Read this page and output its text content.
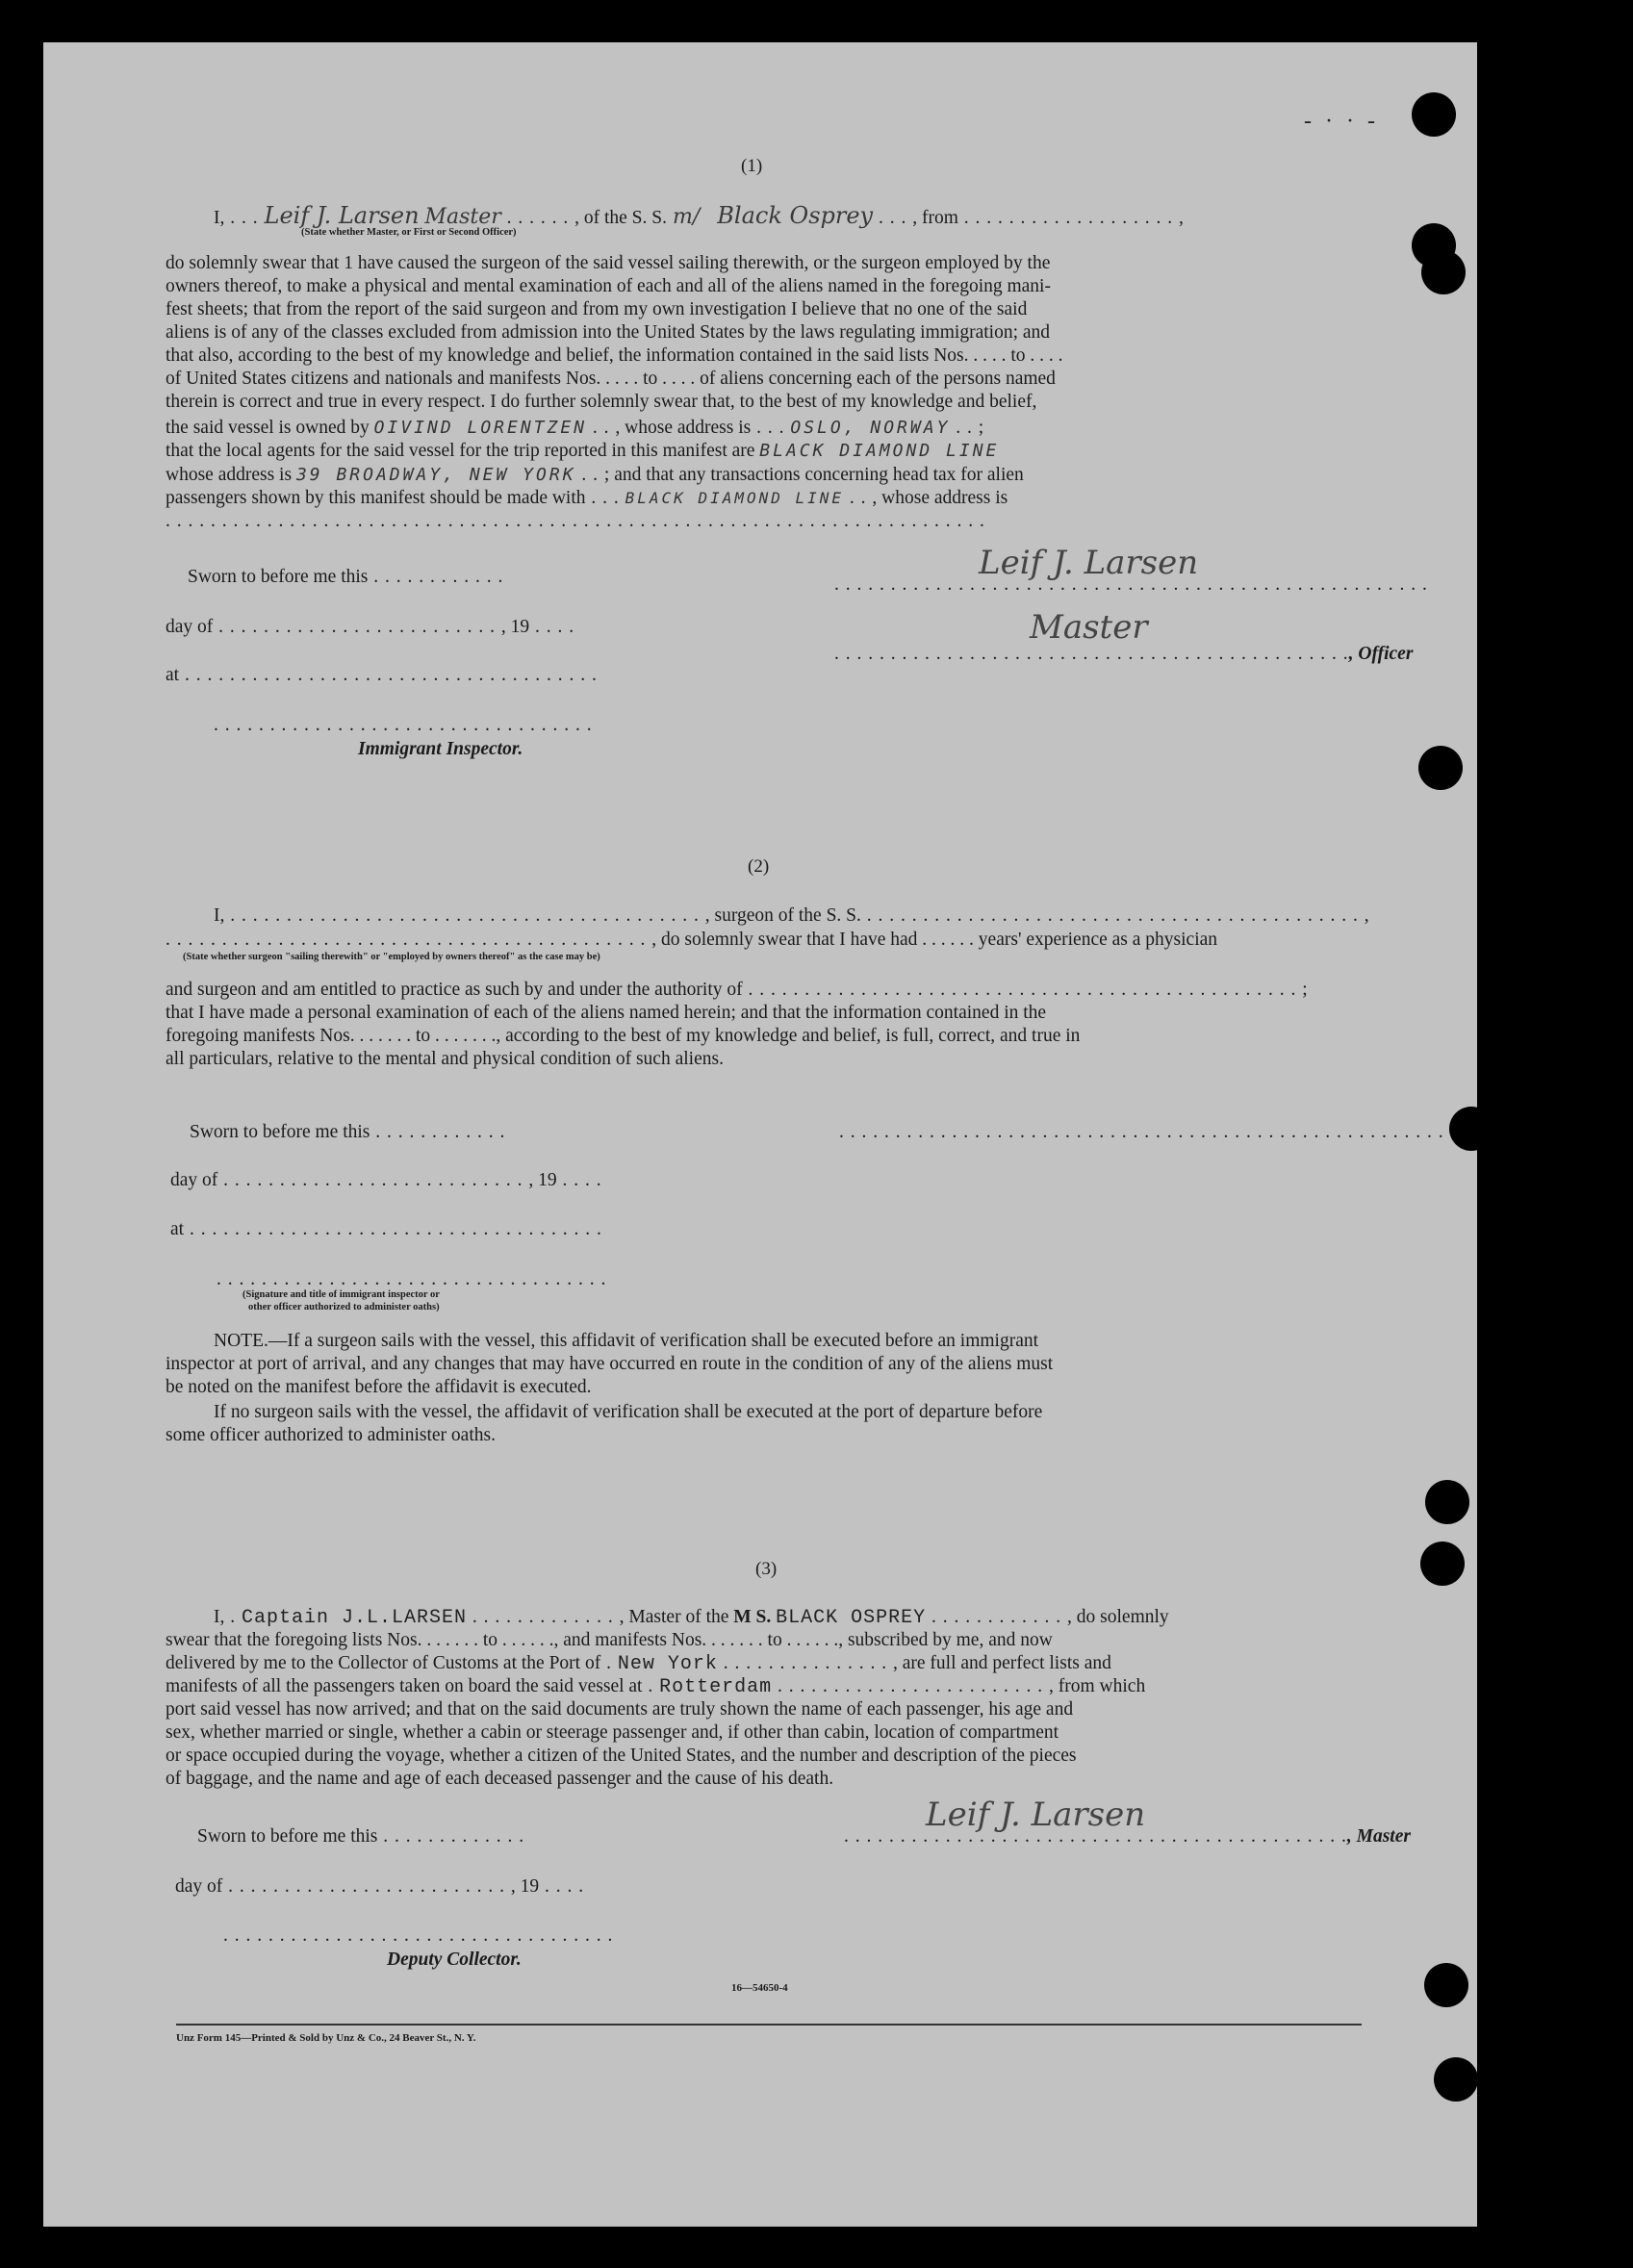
- · · -
(1)
I, . . . Leif J. Larsen Master . . . . . . , of the S. S. m/ Black Osprey . . . , from . . . . . . . . . . . . . . . . . . . ,
(State whether Master, or First or Second Officer)
do solemnly swear that 1 have caused the surgeon of the said vessel sailing therewith, or the surgeon employed by the
owners thereof, to make a physical and mental examination of each and all of the aliens named in the foregoing mani-
fest sheets; that from the report of the said surgeon and from my own investigation I believe that no one of the said
aliens is of any of the classes excluded from admission into the United States by the laws regulating immigration; and
that also, according to the best of my knowledge and belief, the information contained in the said lists Nos. . . . . to . . . .
of United States citizens and nationals and manifests Nos. . . . . to . . . . of aliens concerning each of the persons named
therein is correct and true in every respect. I do further solemnly swear that, to the best of my knowledge and belief,
the said vessel is owned by OIVIND LORENTZEN . . , whose address is . . . OSLO, NORWAY . . ;
that the local agents for the said vessel for the trip reported in this manifest are BLACK DIAMOND LINE
whose address is 39 BROADWAY, NEW YORK . . ; and that any transactions concerning head tax for alien
passengers shown by this manifest should be made with . . . BLACK DIAMOND LINE . . , whose address is
. . . . . . . . . . . . . . . . . . . . . . . . . . . . . . . . . . . . . . . . . . . . . . . . . . . . . . . . . . . . . . . . . . . . . . . . .
Sworn to before me this . . . . . . . . . . . .
day of . . . . . . . . . . . . . . . . . . . . . . . . . , 19 . . . .
at . . . . . . . . . . . . . . . . . . . . . . . . . . . . . . . . . . . . .
. . . . . . . . . . . . . . . . . . . . . . . . . . . . . . . . . .
Immigrant Inspector.
Leif J. Larsen
. . . . . . . . . . . . . . . . . . . . . . . . . . . . . . . . . . . . . . . . . . . . . . . . . . . . .
Master
. . . . . . . . . . . . . . . . . . . . . . . . . . . . . . . . . . . . . . . . . . . . . ., Officer
(2)
I, . . . . . . . . . . . . . . . . . . . . . . . . . . . . . . . . . . . . . . . . . . , surgeon of the S. S. . . . . . . . . . . . . . . . . . . . . . . . . . . . . . . . . . . . . . . . . . . . . ,
. . . . . . . . . . . . . . . . . . . . . . . . . . . . . . . . . . . . . . . . . . . , do solemnly swear that I have had . . . . . . years' experience as a physician
(State whether surgeon "sailing therewith" or "employed by owners thereof" as the case may be)
and surgeon and am entitled to practice as such by and under the authority of . . . . . . . . . . . . . . . . . . . . . . . . . . . . . . . . . . . . . . . . . . . . . . . . . ;
that I have made a personal examination of each of the aliens named herein; and that the information contained in the
foregoing manifests Nos. . . . . . . to . . . . . . ., according to the best of my knowledge and belief, is full, correct, and true in
all particulars, relative to the mental and physical condition of such aliens.
Sworn to before me this . . . . . . . . . . . .	. . . . . . . . . . . . . . . . . . . . . . . . . . . . . . . . . . . . . . . . . . . . . . . . . . . . . .
day of . . . . . . . . . . . . . . . . . . . . . . . . . . . , 19 . . . .
at . . . . . . . . . . . . . . . . . . . . . . . . . . . . . . . . . . . . .
. . . . . . . . . . . . . . . . . . . . . . . . . . . . . . . . . . .
(Signature and title of immigrant inspector or
other officer authorized to administer oaths)
NOTE.—If a surgeon sails with the vessel, this affidavit of verification shall be executed before an immigrant
inspector at port of arrival, and any changes that may have occurred en route in the condition of any of the aliens must
be noted on the manifest before the affidavit is executed.
If no surgeon sails with the vessel, the affidavit of verification shall be executed at the port of departure before
some officer authorized to administer oaths.
(3)
I, . Captain J.L.LARSEN . . . . . . . . . . . . . , Master of the M S. BLACK OSPREY . . . . . . . . . . . . , do solemnly
swear that the foregoing lists Nos. . . . . . . to . . . . . ., and manifests Nos. . . . . . . to . . . . . ., subscribed by me, and now
delivered by me to the Collector of Customs at the Port of . New York . . . . . . . . . . . . . . . , are full and perfect lists and
manifests of all the passengers taken on board the said vessel at . Rotterdam . . . . . . . . . . . . . . . . . . . . . . . . , from which
port said vessel has now arrived; and that on the said documents are truly shown the name of each passenger, his age and
sex, whether married or single, whether a cabin or steerage passenger and, if other than cabin, location of compartment
or space occupied during the voyage, whether a citizen of the United States, and the number and description of the pieces
of baggage, and the name and age of each deceased passenger and the cause of his death.
Sworn to before me this . . . . . . . . . . . . .
Leif J. Larsen
. . . . . . . . . . . . . . . . . . . . . . . . . . . . . . . . . . . . . . . . . . . . ., Master
day of . . . . . . . . . . . . . . . . . . . . . . . . . , 19 . . . .
. . . . . . . . . . . . . . . . . . . . . . . . . . . . . . . . . . .
Deputy Collector.
16—54650-4
Unz Form 145—Printed & Sold by Unz & Co., 24 Beaver St., N. Y.
